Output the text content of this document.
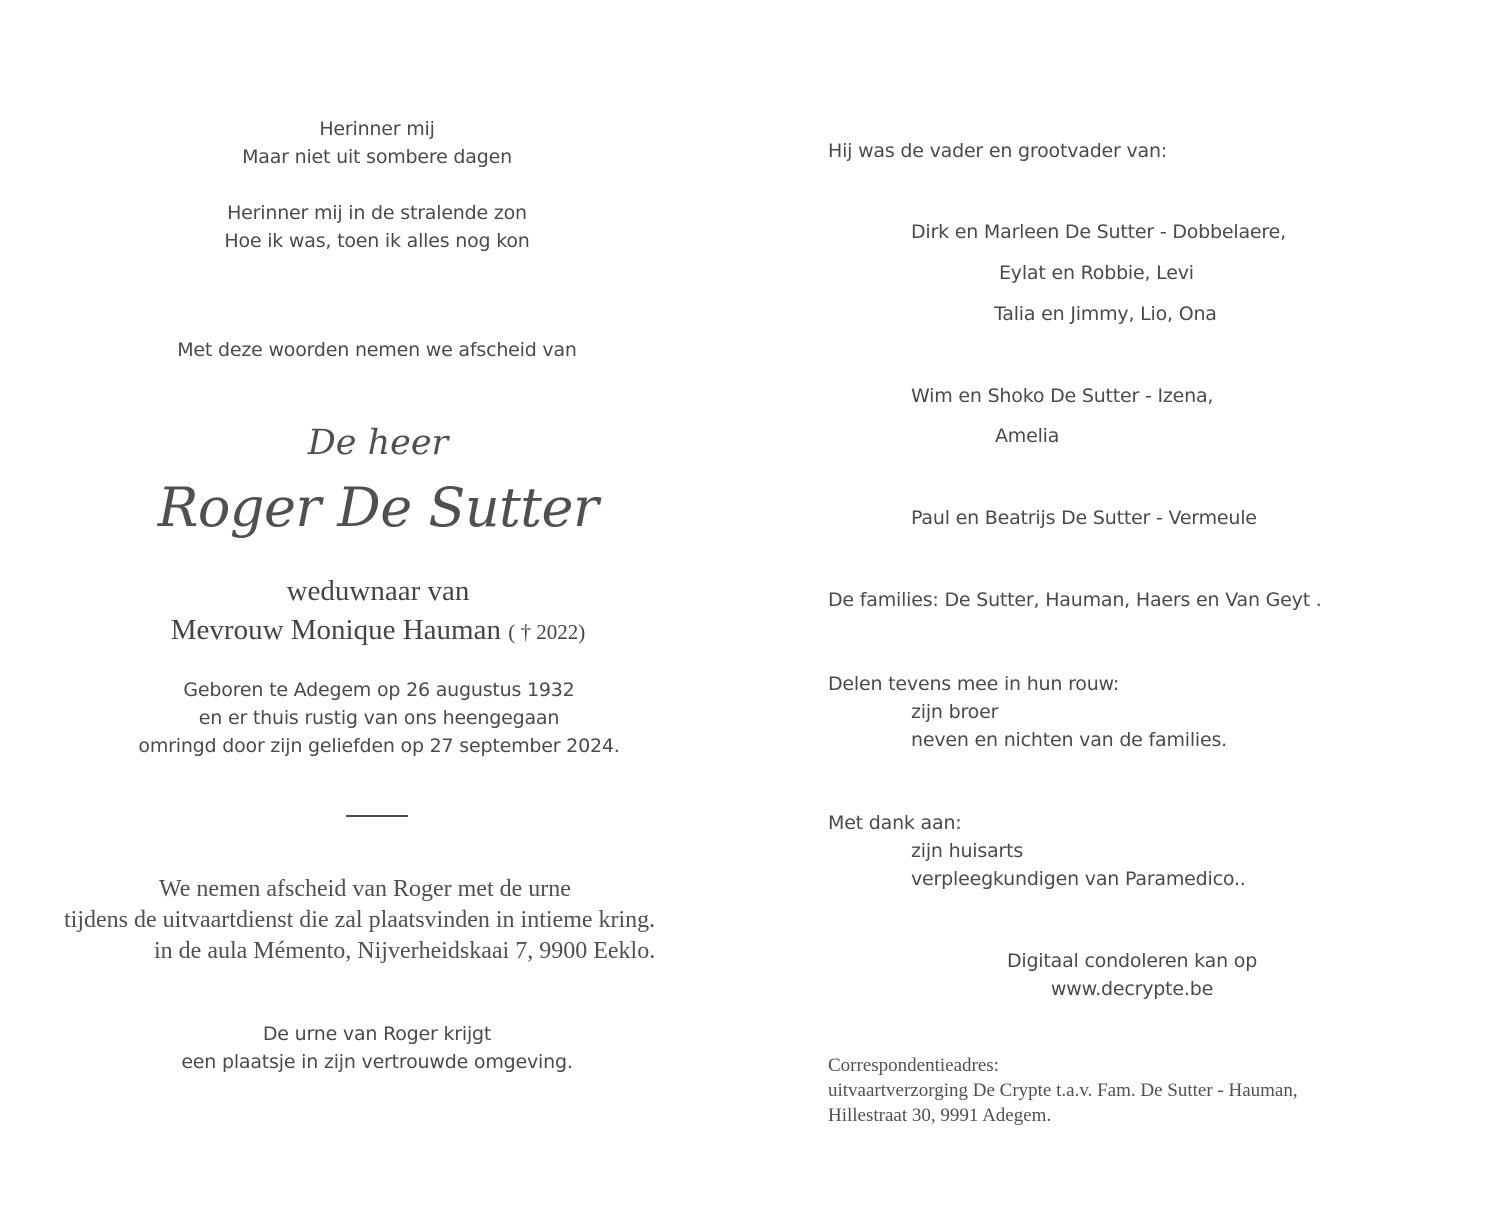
Herinner mij
Maar niet uit sombere dagen
Herinner mij in de stralende zon
Hoe ik was, toen ik alles nog kon
Met deze woorden nemen we afscheid van
De heer
Roger De Sutter
weduwnaar van
Mevrouw Monique Hauman ( † 2022)
Geboren te Adegem op 26 augustus 1932
en er thuis rustig van ons heengegaan
omringd door zijn geliefden op 27 september 2024.
We nemen afscheid van Roger met de urne
tijdens de uitvaartdienst die zal plaatsvinden in intieme kring.
in de aula Mémento, Nijverheidskaai 7, 9900 Eeklo.
De urne van Roger krijgt
een plaatsje in zijn vertrouwde omgeving.
Hij was de vader en grootvader van:
Dirk en Marleen De Sutter - Dobbelaere,
Eylat en Robbie, Levi
Talia en Jimmy, Lio, Ona
Wim en Shoko De Sutter - Izena,
Amelia
Paul en Beatrijs De Sutter - Vermeule
De families: De Sutter, Hauman, Haers en Van Geyt .
Delen tevens mee in hun rouw:
zijn broer
neven en nichten van de families.
Met dank aan:
zijn huisarts
verpleegkundigen van Paramedico..
Digitaal condoleren kan op
www.decrypte.be
Correspondentieadres:
uitvaartverzorging De Crypte t.a.v. Fam. De Sutter - Hauman,
Hillestraat 30, 9991 Adegem.
